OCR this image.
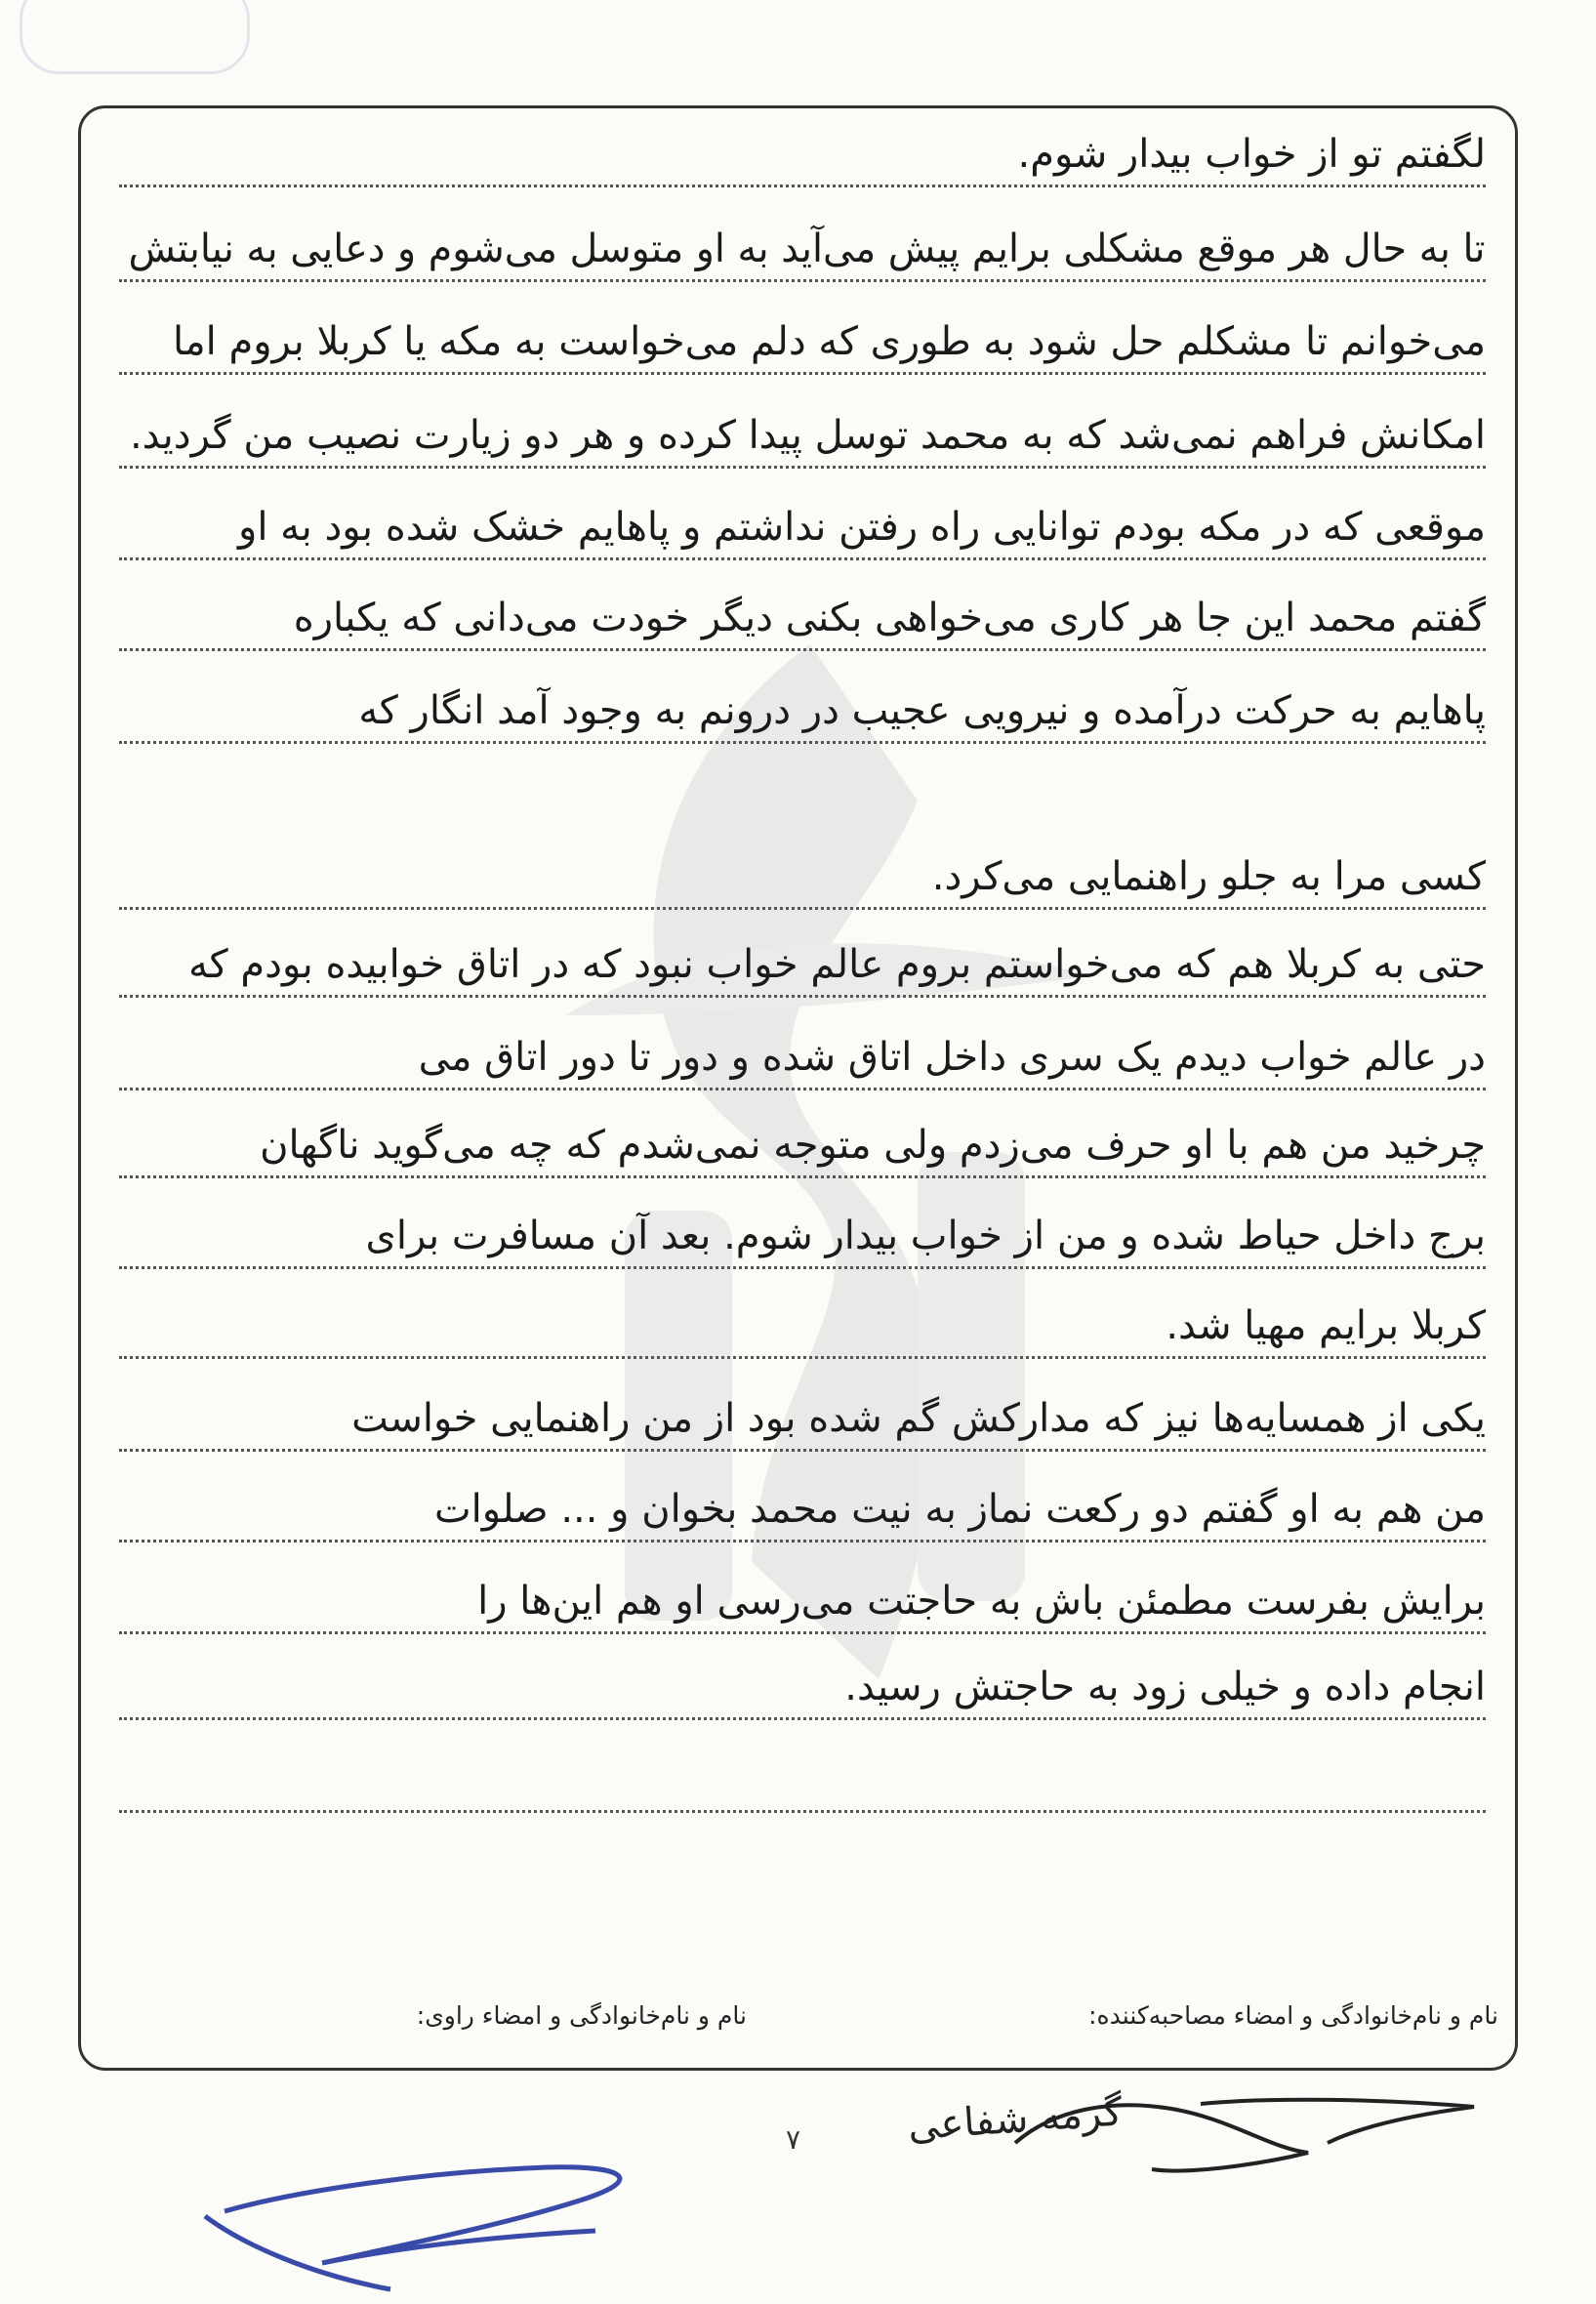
لگفتم تو از خواب بیدار شوم.
تا به حال هر موقع مشکلی برایم پیش می‌آید به او متوسل می‌شوم و دعایی به نیابتش
می‌خوانم تا مشکلم حل شود به طوری که دلم می‌خواست به مکه یا کربلا بروم اما
امکانش فراهم نمی‌شد که به محمد توسل پیدا کرده و هر دو زیارت نصیب من گردید.
موقعی که در مکه بودم توانایی راه رفتن نداشتم و پاهایم خشک شده بود به او
گفتم محمد این جا هر کاری می‌خواهی بکنی دیگر خودت می‌دانی که یکباره
پاهایم به حرکت درآمده و نیرویی عجیب در درونم به وجود آمد انگار که
کسی مرا به جلو راهنمایی می‌کرد.
حتی به کربلا هم که می‌خواستم بروم عالم خواب نبود که در اتاق خوابیده بودم که
در عالم خواب دیدم یک سری داخل اتاق شده و دور تا دور اتاق می
چرخید من هم با او حرف می‌زدم ولی متوجه نمی‌شدم که چه می‌گوید ناگهان
برج داخل حیاط شده و من از خواب بیدار شوم. بعد آن مسافرت برای
کربلا برایم مهیا شد.
یکی از همسایه‌ها نیز که مدارکش گم شده بود از من راهنمایی خواست
من هم به او گفتم دو رکعت نماز به نیت محمد بخوان و ... صلوات
برایش بفرست مطمئن باش به حاجتت می‌رسی او هم این‌ها را
انجام داده و خیلی زود به حاجتش رسید.
نام و نام‌خانوادگی و امضاء مصاحبه‌کننده:
نام و نام‌خانوادگی و امضاء راوی:
۷	گرمه شفاعی
